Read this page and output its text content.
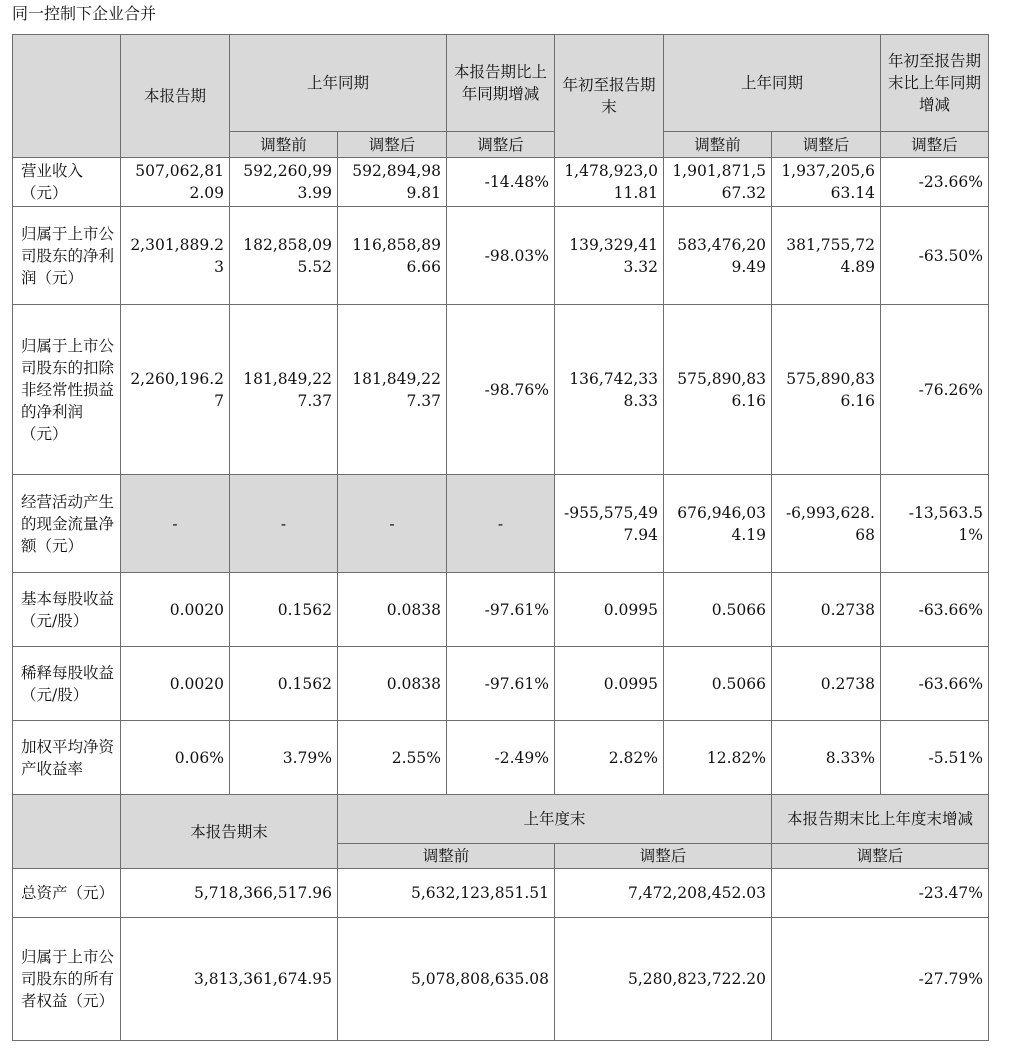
同一控制下企业合并
	本报告期	上年同期		本报告期比上年同期增减	年初至报告期末	上年同期		年初至报告期末比上年同期增减
		调整前	调整后	调整后		调整前	调整后	调整后
营业收入（元）	507,062,812.09	592,260,993.99	592,894,989.81	-14.48%	1,478,923,011.81	1,901,871,567.32	1,937,205,663.14	-23.66%
归属于上市公司股东的净利润（元）	2,301,889.23	182,858,095.52	116,858,896.66	-98.03%	139,329,413.32	583,476,209.49	381,755,724.89	-63.50%
归属于上市公司股东的扣除非经常性损益的净利润（元）	2,260,196.27	181,849,227.37	181,849,227.37	-98.76%	136,742,338.33	575,890,836.16	575,890,836.16	-76.26%
经营活动产生的现金流量净额（元）	-	-	-	-	-955,575,497.94	676,946,034.19	-6,993,628.68	-13,563.51%
基本每股收益（元/股）	0.0020	0.1562	0.0838	-97.61%	0.0995	0.5066	0.2738	-63.66%
稀释每股收益（元/股）	0.0020	0.1562	0.0838	-97.61%	0.0995	0.5066	0.2738	-63.66%
加权平均净资产收益率	0.06%	3.79%	2.55%	-2.49%	2.82%	12.82%	8.33%	-5.51%
	本报告期末		上年度末				本报告期末比上年度末增减	
			调整前		调整后		调整后	
总资产（元）	5,718,366,517.96		5,632,123,851.51		7,472,208,452.03		-23.47%	
归属于上市公司股东的所有者权益（元）	3,813,361,674.95		5,078,808,635.08		5,280,823,722.20		-27.79%	
